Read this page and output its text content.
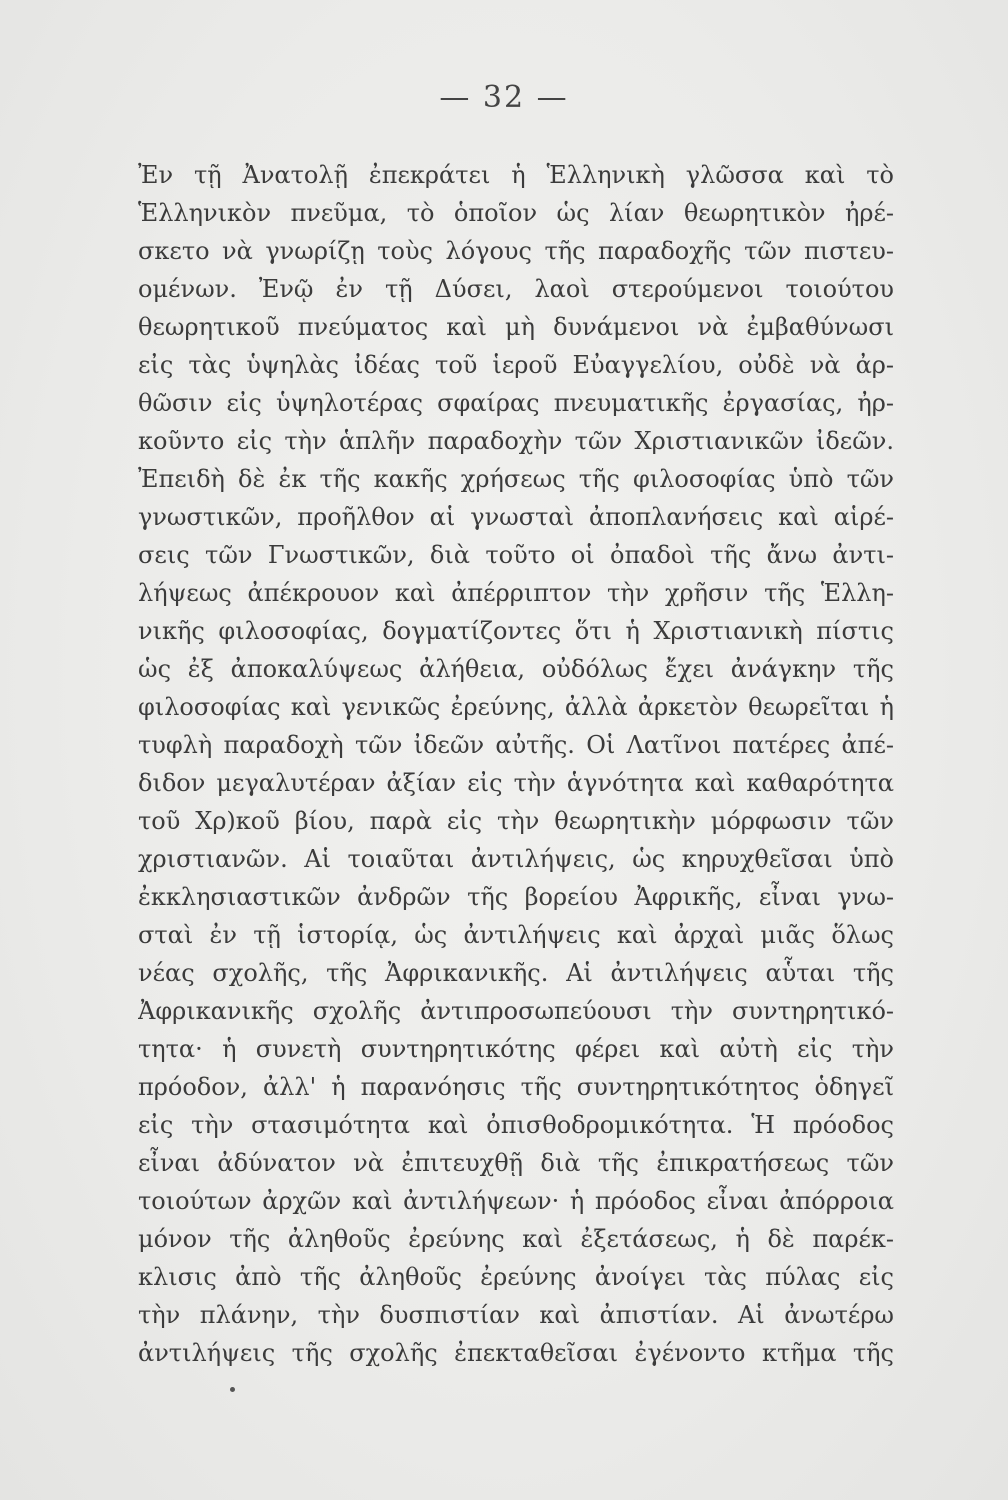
— 32 —
Ἐν τῇ Ἀνατολῇ ἐπεκράτει ἡ Ἑλληνικὴ γλῶσσα καὶ τὸ
Ἑλληνικὸν πνεῦμα, τὸ ὁποῖον ὡς λίαν θεωρητικὸν ἠρέ-
σκετο νὰ γνωρίζῃ τοὺς λόγους τῆς παραδοχῆς τῶν πιστευ-
ομένων. Ἐνῷ ἐν τῇ Δύσει, λαοὶ στερούμενοι τοιούτου
θεωρητικοῦ πνεύματος καὶ μὴ δυνάμενοι νὰ ἐμβαθύνωσι
εἰς τὰς ὑψηλὰς ἰδέας τοῦ ἱεροῦ Εὐαγγελίου, οὐδὲ νὰ ἀρ-
θῶσιν εἰς ὑψηλοτέρας σφαίρας πνευματικῆς ἐργασίας, ἠρ-
κοῦντο εἰς τὴν ἁπλῆν παραδοχὴν τῶν Χριστιανικῶν ἰδεῶν.
Ἐπειδὴ δὲ ἐκ τῆς κακῆς χρήσεως τῆς φιλοσοφίας ὑπὸ τῶν
γνωστικῶν, προῆλθον αἱ γνωσταὶ ἀποπλανήσεις καὶ αἱρέ-
σεις τῶν Γνωστικῶν, διὰ τοῦτο οἱ ὀπαδοὶ τῆς ἄνω ἀντι-
λήψεως ἀπέκρουον καὶ ἀπέρριπτον τὴν χρῆσιν τῆς Ἑλλη-
νικῆς φιλοσοφίας, δογματίζοντες ὅτι ἡ Χριστιανικὴ πίστις
ὡς ἐξ ἀποκαλύψεως ἀλήθεια, οὐδόλως ἔχει ἀνάγκην τῆς
φιλοσοφίας καὶ γενικῶς ἐρεύνης, ἀλλὰ ἀρκετὸν θεωρεῖται ἡ
τυφλὴ παραδοχὴ τῶν ἰδεῶν αὐτῆς. Οἱ Λατῖνοι πατέρες ἀπέ-
διδον μεγαλυτέραν ἀξίαν εἰς τὴν ἁγνότητα καὶ καθαρότητα
τοῦ Χρ)κοῦ βίου, παρὰ εἰς τὴν θεωρητικὴν μόρφωσιν τῶν
χριστιανῶν. Αἱ τοιαῦται ἀντιλήψεις, ὡς κηρυχθεῖσαι ὑπὸ
ἐκκλησιαστικῶν ἀνδρῶν τῆς βορείου Ἀφρικῆς, εἶναι γνω-
σταὶ ἐν τῇ ἱστορίᾳ, ὡς ἀντιλήψεις καὶ ἀρχαὶ μιᾶς ὅλως
νέας σχολῆς, τῆς Ἀφρικανικῆς. Αἱ ἀντιλήψεις αὗται τῆς
Ἀφρικανικῆς σχολῆς ἀντιπροσωπεύουσι τὴν συντηρητικό-
τητα· ἡ συνετὴ συντηρητικότης φέρει καὶ αὐτὴ εἰς τὴν
πρόοδον, ἀλλ' ἡ παρανόησις τῆς συντηρητικότητος ὁδηγεῖ
εἰς τὴν στασιμότητα καὶ ὀπισθοδρομικότητα. Ἡ πρόοδος
εἶναι ἀδύνατον νὰ ἐπιτευχθῇ διὰ τῆς ἐπικρατήσεως τῶν
τοιούτων ἀρχῶν καὶ ἀντιλήψεων· ἡ πρόοδος εἶναι ἀπόρροια
μόνον τῆς ἀληθοῦς ἐρεύνης καὶ ἐξετάσεως, ἡ δὲ παρέκ-
κλισις ἀπὸ τῆς ἀληθοῦς ἐρεύνης ἀνοίγει τὰς πύλας εἰς
τὴν πλάνην, τὴν δυσπιστίαν καὶ ἀπιστίαν. Αἱ ἀνωτέρω
ἀντιλήψεις τῆς σχολῆς ἐπεκταθεῖσαι ἐγένοντο κτῆμα τῆς
